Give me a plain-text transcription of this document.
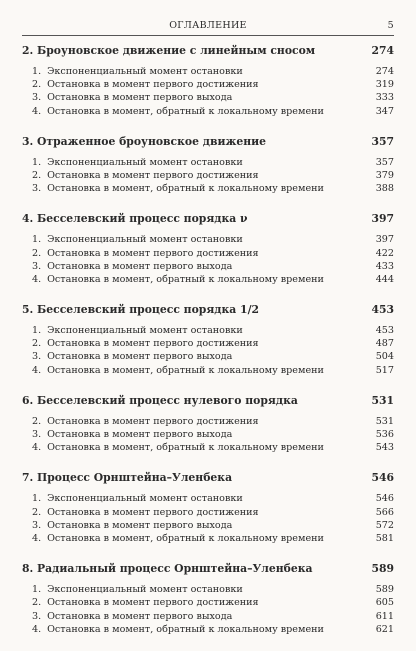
ОГЛАВЛЕНИЕ	5
2. Броуновское движение с линейным сносом	274
1. Экспоненциальный момент остановки	274
2. Остановка в момент первого достижения	319
3. Остановка в момент первого выхода	333
4. Остановка в момент, обратный к локальному времени	347
3. Отраженное броуновское движение	357
1. Экспоненциальный момент остановки	357
2. Остановка в момент первого достижения	379
3. Остановка в момент, обратный к локальному времени	388
4. Бесселевский процесс порядка ν	397
1. Экспоненциальный момент остановки	397
2. Остановка в момент первого достижения	422
3. Остановка в момент первого выхода	433
4. Остановка в момент, обратный к локальному времени	444
5. Бесселевский процесс порядка 1/2	453
1. Экспоненциальный момент остановки	453
2. Остановка в момент первого достижения	487
3. Остановка в момент первого выхода	504
4. Остановка в момент, обратный к локальному времени	517
6. Бесселевский процесс нулевого порядка	531
2. Остановка в момент первого достижения	531
3. Остановка в момент первого выхода	536
4. Остановка в момент, обратный к локальному времени	543
7. Процесс Орнштейна–Уленбека	546
1. Экспоненциальный момент остановки	546
2. Остановка в момент первого достижения	566
3. Остановка в момент первого выхода	572
4. Остановка в момент, обратный к локальному времени	581
8. Радиальный процесс Орнштейна–Уленбека	589
1. Экспоненциальный момент остановки	589
2. Остановка в момент первого достижения	605
3. Остановка в момент первого выхода	611
4. Остановка в момент, обратный к локальному времени	621
